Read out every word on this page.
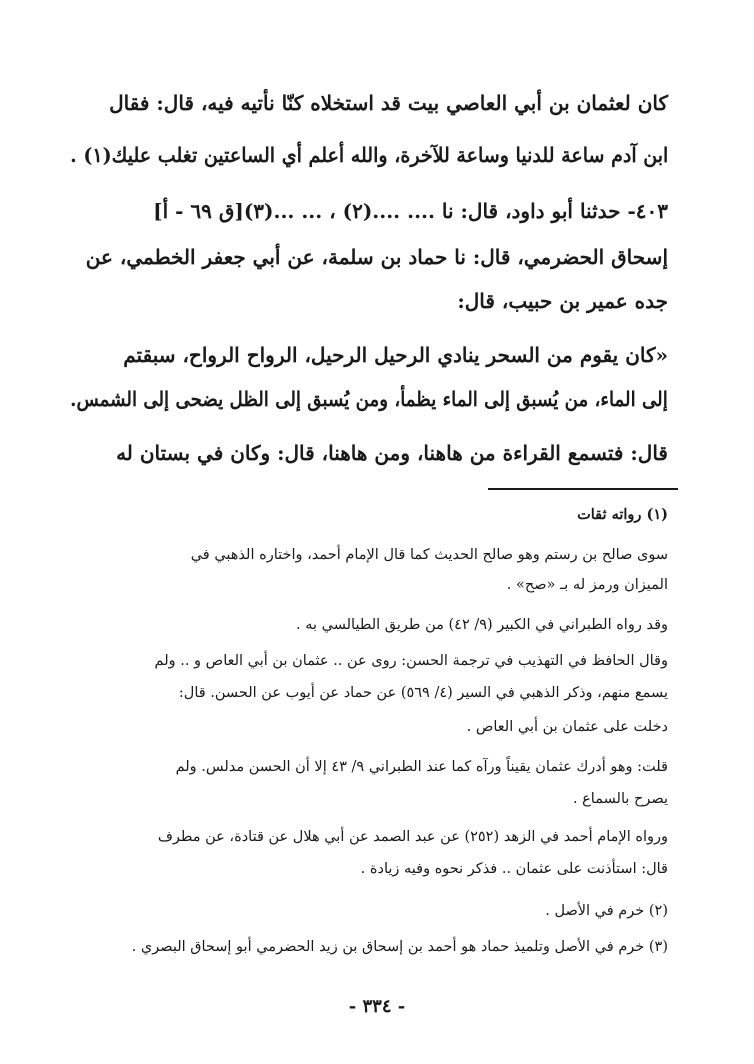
كان لعثمان بن أبي العاصي بيت قد استخلاه كنّا نأتيه فيه، قال: فقال
ابن آدم ساعة للدنيا وساعة للآخرة، والله أعلم أي الساعتين تغلب عليك(١) .
٤٠٣- حدثنا أبو داود، قال: نا .... ....(٢) ، ... ...(٣)[ق ٦٩ - أ]
إسحاق الحضرمي، قال: نا حماد بن سلمة، عن أبي جعفر الخطمي، عن
جده عمير بن حبيب، قال:
«كان يقوم من السحر ينادي الرحيل الرحيل، الرواح الرواح، سبقتم
إلى الماء، من يُسبق إلى الماء يظمأ، ومن يُسبق إلى الظل يضحى إلى الشمس.
قال: فتسمع القراءة من هاهنا، ومن هاهنا، قال: وكان في بستان له
(١) رواته ثقات
سوى صالح بن رستم وهو صالح الحديث كما قال الإمام أحمد، واختاره الذهبي في
الميزان ورمز له بـ «صح» .
وقد رواه الطبراني في الكبير (٩/ ٤٢) من طريق الطيالسي به .
وقال الحافظ في التهذيب في ترجمة الحسن: روى عن .. عثمان بن أبي العاص و .. ولم
يسمع منهم، وذكر الذهبي في السير (٤/ ٥٦٩) عن حماد عن أيوب عن الحسن. قال:
دخلت على عثمان بن أبي العاص .
قلت: وهو أدرك عثمان يقيناً ورآه كما عند الطبراني ٩/ ٤٣ إلا أن الحسن مدلس. ولم
يصرح بالسماع .
ورواه الإمام أحمد في الزهد (٢٥٢) عن عبد الصمد عن أبي هلال عن قتادة، عن مطرف
قال: استأذنت على عثمان .. فذكر نحوه وفيه زيادة .
(٢) خرم في الأصل .
(٣) خرم في الأصل وتلميذ حماد هو أحمد بن إسحاق بن زيد الحضرمي أبو إسحاق البصري .
- ٣٣٤ -
